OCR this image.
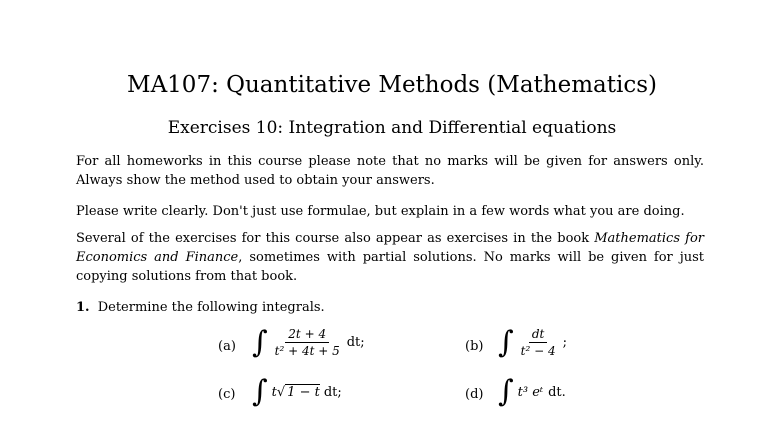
MA107: Quantitative Methods (Mathematics)
Exercises 10: Integration and Differential equations
For all homeworks in this course please note that no marks will be given for answers only. Always show the method used to obtain your answers.
Please write clearly. Don't just use formulae, but explain in a few words what you are doing.
Several of the exercises for this course also appear as exercises in the book Mathematics for Economics and Finance, sometimes with partial solutions. No marks will be given for just copying solutions from that book.
1. Determine the following integrals.
(a) ∫ $\frac{2t + 4}{\text{t² + 4t + 5}}$ dt;	(b) ∫ $\frac{dt}{\text{t² − 4}}$ ;
(c) ∫ t √ 1 − t dt;	(d) ∫ t³ eᵗ dt.
